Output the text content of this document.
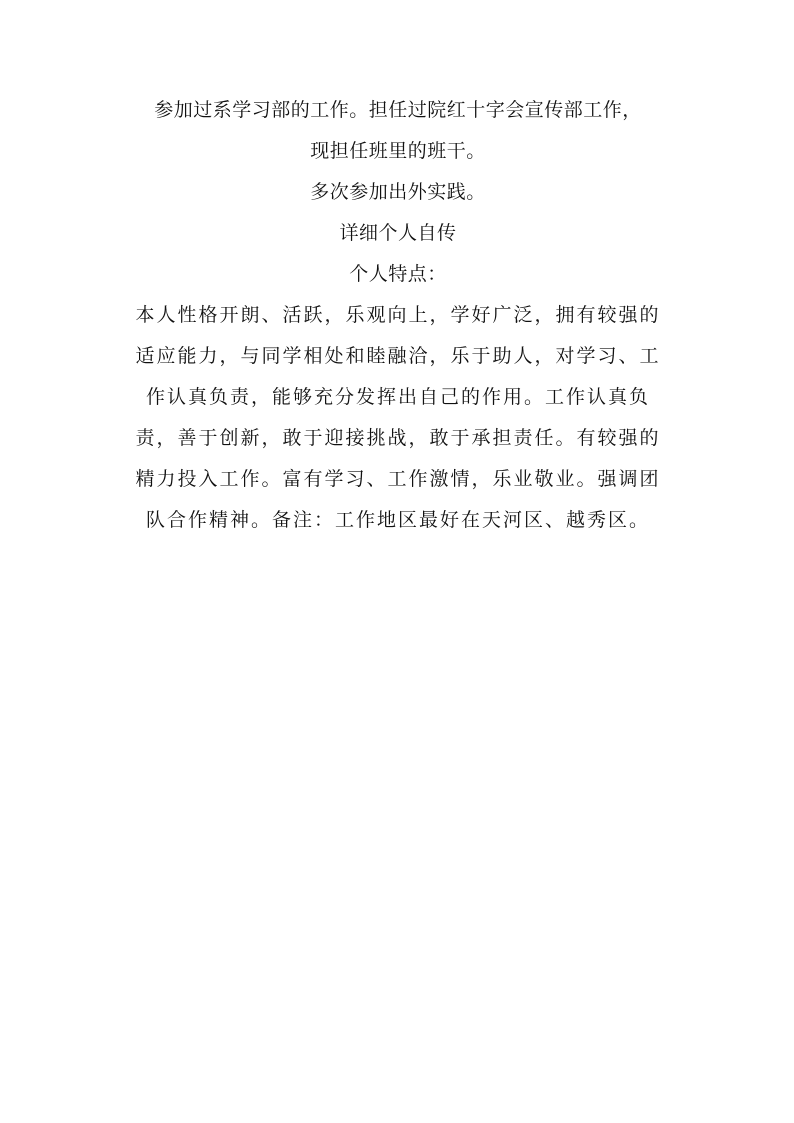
参加过系学习部的工作。担任过院红十字会宣传部工作，
现担任班里的班干。
多次参加出外实践。
详细个人自传
个人特点：
本人性格开朗、活跃，乐观向上，学好广泛，拥有较强的
适应能力，与同学相处和睦融洽，乐于助人，对学习、工
作认真负责，能够充分发挥出自己的作用。工作认真负
责，善于创新，敢于迎接挑战，敢于承担责任。有较强的
精力投入工作。富有学习、工作激情，乐业敬业。强调团
队合作精神。备注：工作地区最好在天河区、越秀区。
